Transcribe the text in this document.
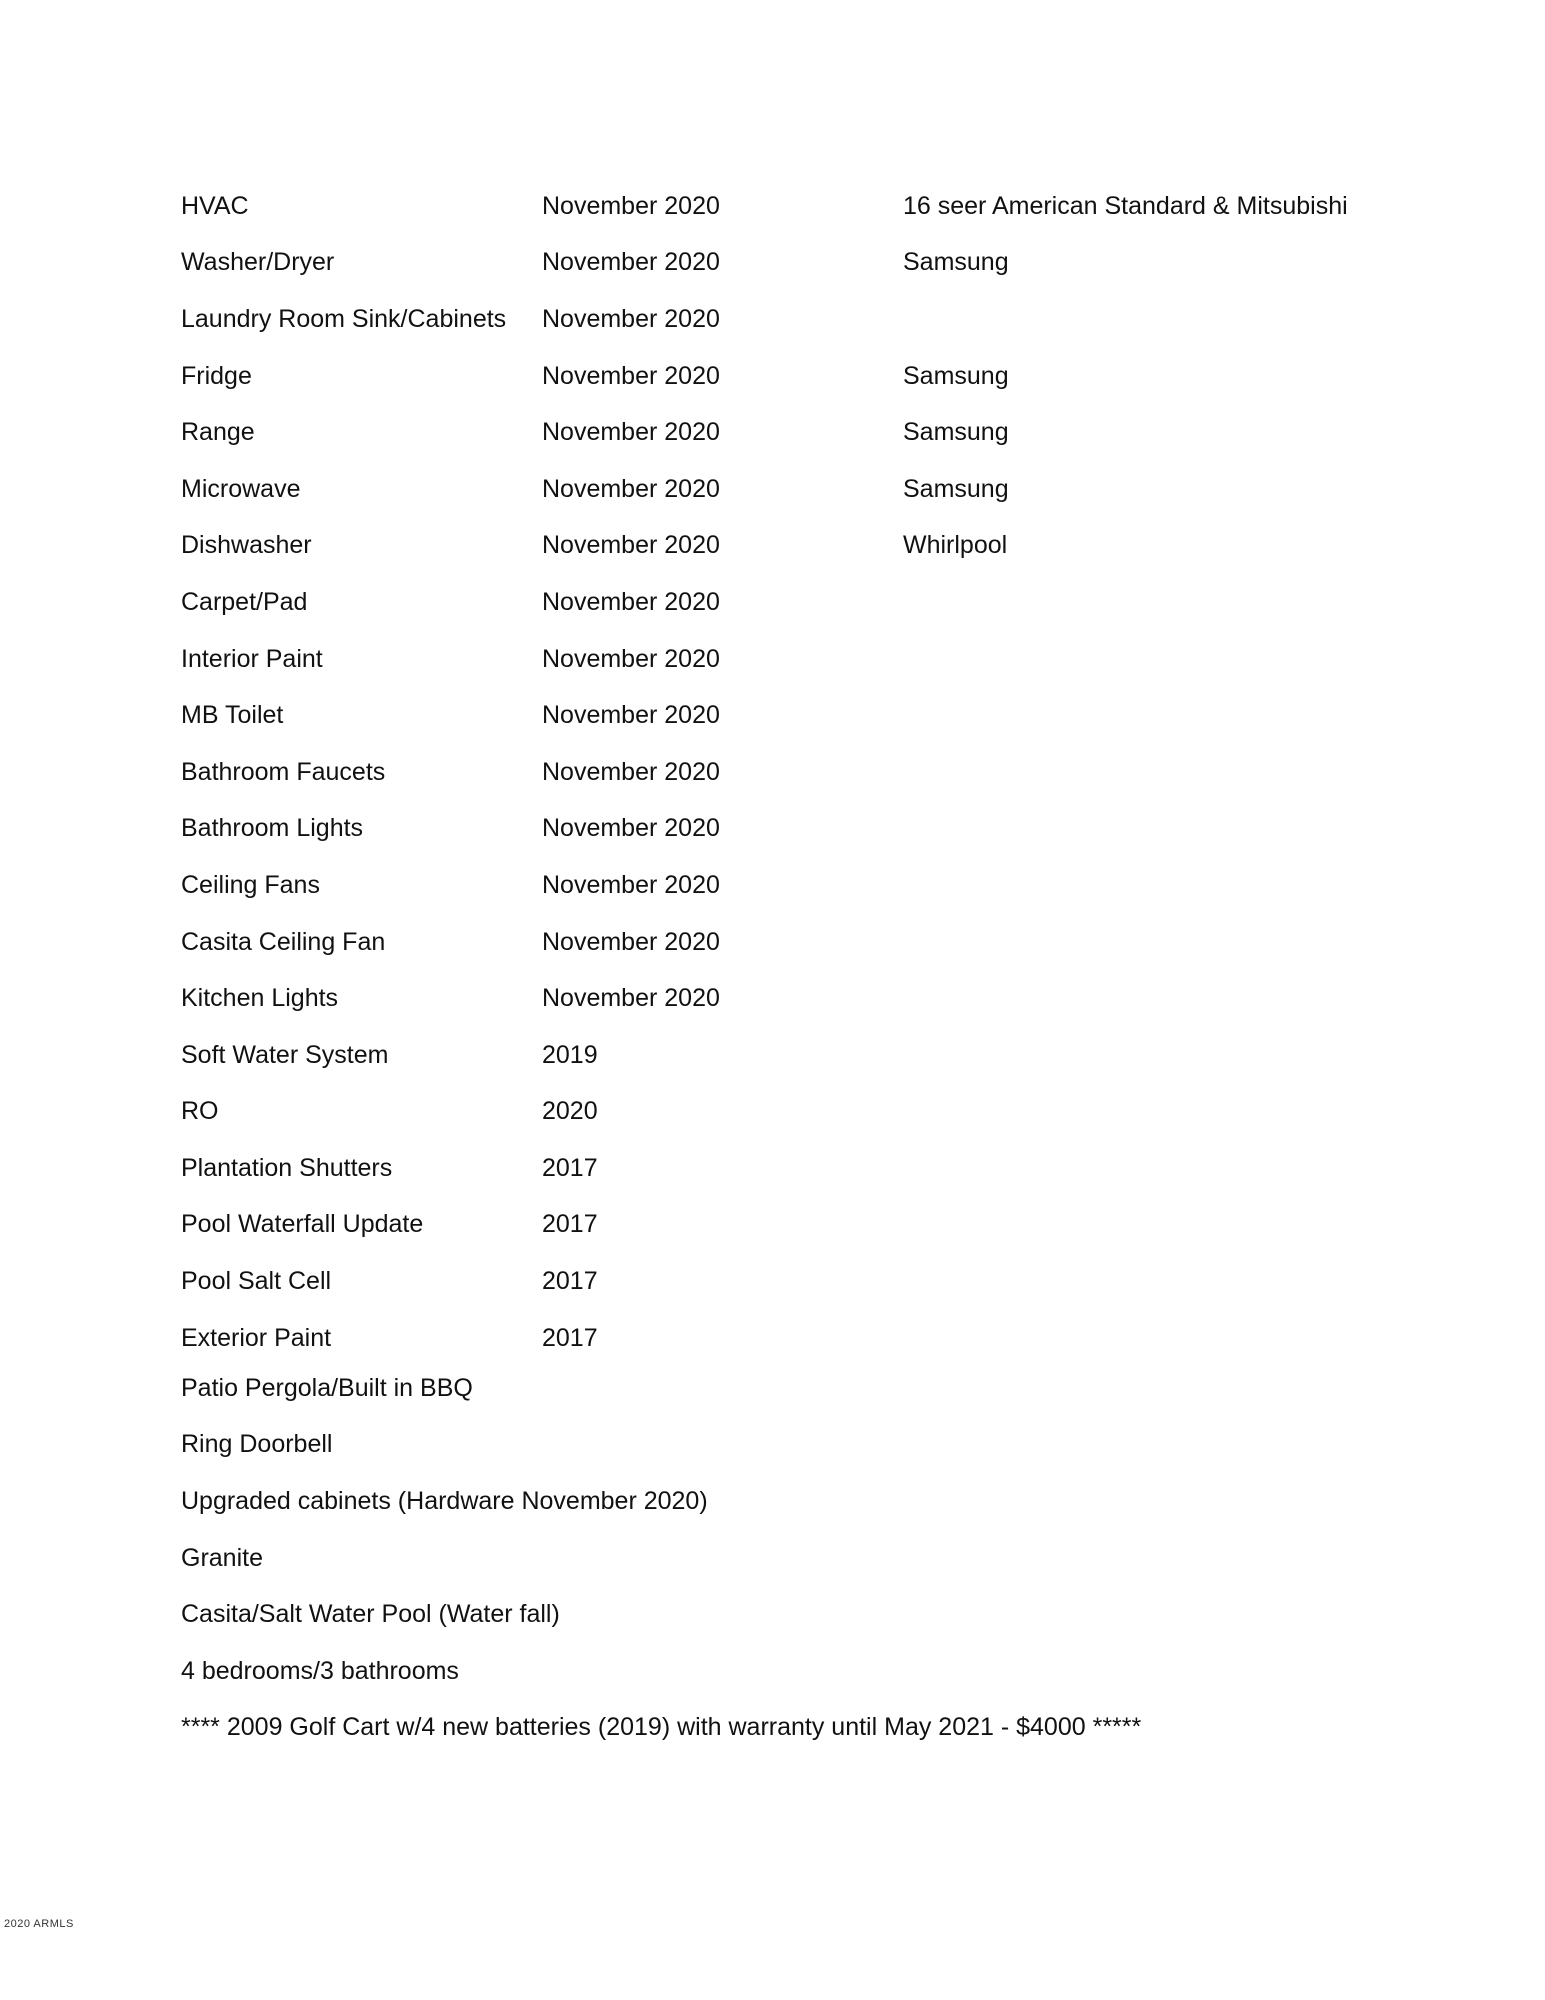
HVAC	November 2020	16 seer American Standard & Mitsubishi
Washer/Dryer	November 2020	Samsung
Laundry Room Sink/Cabinets	November 2020
Fridge	November 2020	Samsung
Range	November 2020	Samsung
Microwave	November 2020	Samsung
Dishwasher	November 2020	Whirlpool
Carpet/Pad	November 2020
Interior Paint	November 2020
MB Toilet	November 2020
Bathroom Faucets	November 2020
Bathroom Lights	November 2020
Ceiling Fans	November 2020
Casita Ceiling Fan	November 2020
Kitchen Lights	November 2020
Soft Water System	2019
RO	2020
Plantation Shutters	2017
Pool Waterfall Update	2017
Pool Salt Cell	2017
Exterior Paint	2017
Patio Pergola/Built in BBQ
Ring Doorbell
Upgraded cabinets (Hardware November 2020)
Granite
Casita/Salt Water Pool (Water fall)
4 bedrooms/3 bathrooms
**** 2009 Golf Cart w/4 new batteries (2019) with warranty until May 2021 - $4000 *****
2020 ARMLS
